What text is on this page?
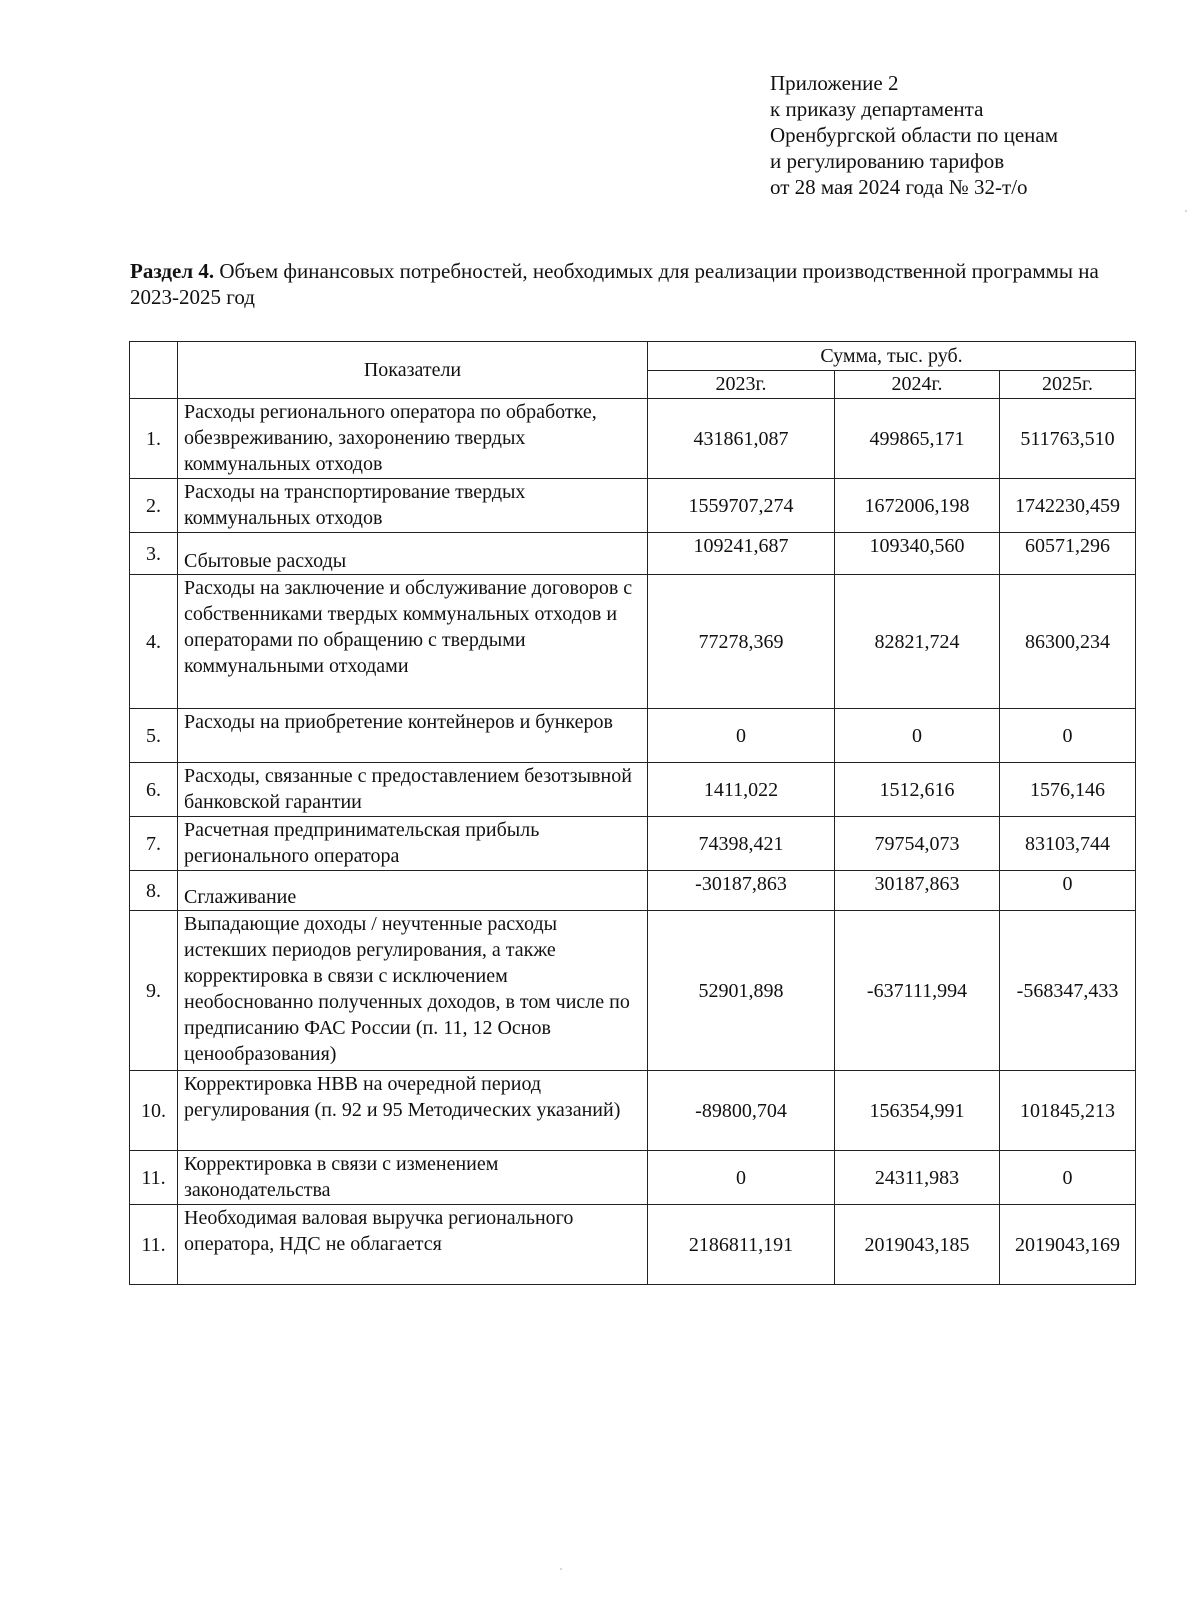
Приложение 2
к приказу департамента
Оренбургской области по ценам
и регулированию тарифов
от 28 мая 2024 года № 32-т/о
Раздел 4. Объем финансовых потребностей, необходимых для реализации производственной программы на 2023-2025 год
	Показатели	Сумма, тыс. руб.		
		2023г.	2024г.	2025г.
1.	Расходы регионального оператора по обработке, обезвреживанию, захоронению твердых коммунальных отходов	431861,087	499865,171	511763,510
2.	Расходы на транспортирование твердых коммунальных отходов	1559707,274	1672006,198	1742230,459
3.	Сбытовые расходы	109241,687	109340,560	60571,296
4.	Расходы на заключение и обслуживание договоров с собственниками твердых коммунальных отходов и операторами по обращению с твердыми коммунальными отходами	77278,369	82821,724	86300,234
5.	Расходы на приобретение контейнеров и бункеров	0	0	0
6.	Расходы, связанные с предоставлением безотзывной банковской гарантии	1411,022	1512,616	1576,146
7.	Расчетная предпринимательская прибыль регионального оператора	74398,421	79754,073	83103,744
8.	Сглаживание	-30187,863	30187,863	0
9.	Выпадающие доходы / неучтенные расходы истекших периодов регулирования, а также корректировка в связи с исключением необоснованно полученных доходов, в том числе по предписанию ФАС России (п. 11, 12 Основ ценообразования)	52901,898	-637111,994	-568347,433
10.	Корректировка НВВ на очередной период регулирования (п. 92 и 95 Методических указаний)	-89800,704	156354,991	101845,213
11.	Корректировка в связи с изменением законодательства	0	24311,983	0
11.	Необходимая валовая выручка регионального оператора, НДС не облагается	2186811,191	2019043,185	2019043,169
